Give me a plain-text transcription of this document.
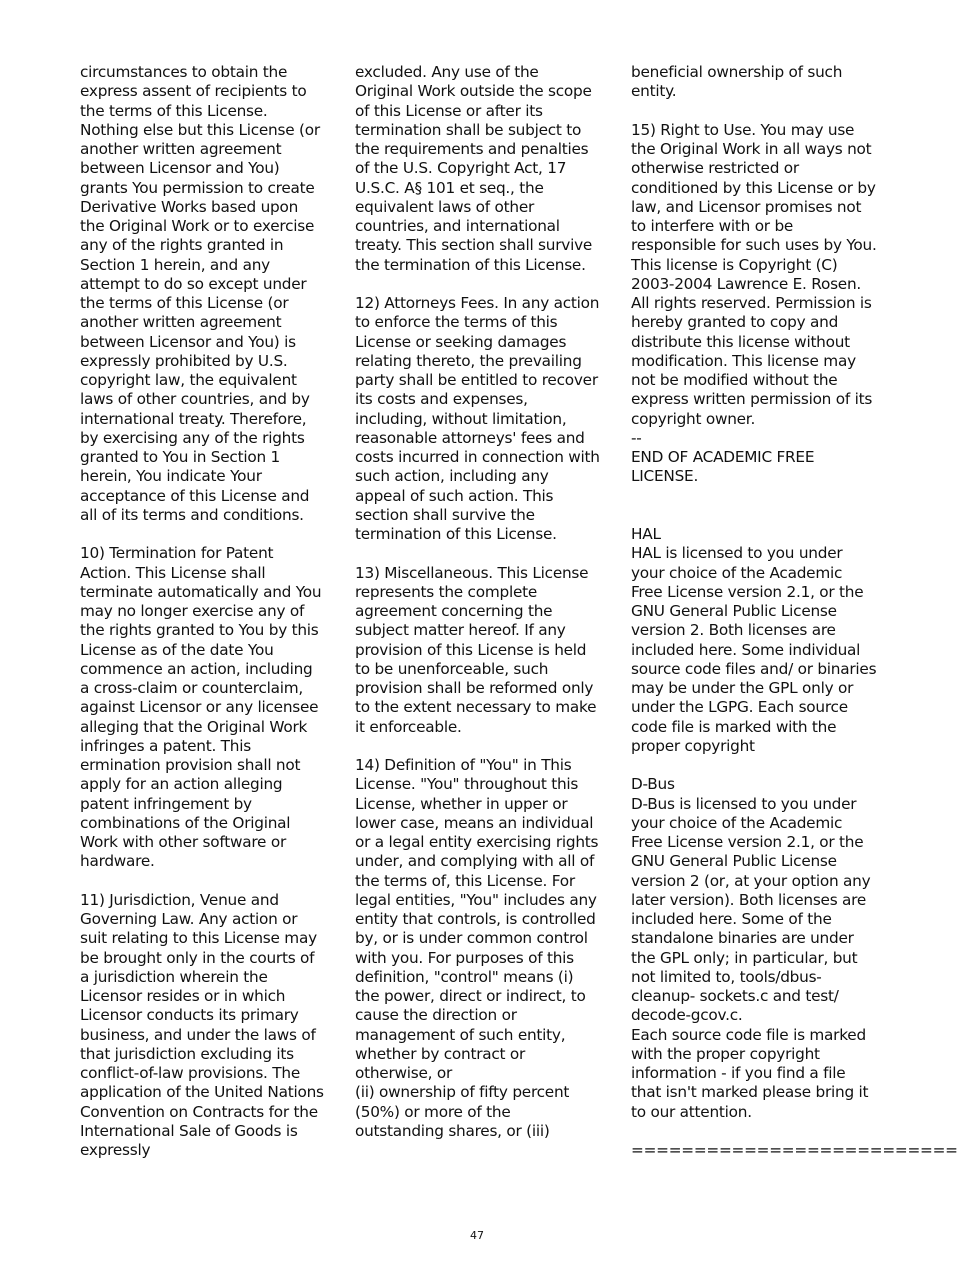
circumstances to obtain the express assent of recipients to the terms of this License. Nothing else but this License (or another written agreement between Licensor and You) grants You permission to create Derivative Works based upon the Original Work or to exercise any of the rights granted in Section 1 herein, and any attempt to do so except under the terms of this License (or another written agreement between Licensor and You) is expressly prohibited by U.S. copyright law, the equivalent laws of other countries, and by international treaty. Therefore, by exercising any of the rights granted to You in Section 1 herein, You indicate Your acceptance of this License and all of its terms and conditions.

10) Termination for Patent Action. This License shall terminate automatically and You may no longer exercise any of the rights granted to You by this License as of the date You commence an action, including a cross-claim or counterclaim, against Licensor or any licensee alleging that the Original Work infringes a patent. This ermination provision shall not apply for an action alleging patent infringement by combinations of the Original Work with other software or hardware.

11) Jurisdiction, Venue and Governing Law. Any action or suit relating to this License may be brought only in the courts of a jurisdiction wherein the Licensor resides or in which Licensor conducts its primary business, and under the laws of that jurisdiction excluding its conflict-of-law provisions. The application of the United Nations Convention on Contracts for the International Sale of Goods is expressly

excluded. Any use of the Original Work outside the scope of this License or after its termination shall be subject to the requirements and penalties of the U.S. Copyright Act, 17 U.S.C. A§ 101 et seq., the equivalent laws of other countries, and international treaty. This section shall survive the termination of this License.

12) Attorneys Fees. In any action to enforce the terms of this License or seeking damages relating thereto, the prevailing party shall be entitled to recover its costs and expenses, including, without limitation, reasonable attorneys' fees and costs incurred in connection with such action, including any appeal of such action. This section shall survive the termination of this License.

13) Miscellaneous. This License represents the complete agreement concerning the subject matter hereof. If any provision of this License is held to be unenforceable, such provision shall be reformed only to the extent necessary to make it enforceable.

14) Definition of "You" in This License. "You" throughout this License, whether in upper or lower case, means an individual or a legal entity exercising rights under, and complying with all of the terms of, this License. For legal entities, "You" includes any entity that controls, is controlled by, or is under common control with you. For purposes of this definition, "control" means (i) the power, direct or indirect, to cause the direction or management of such entity, whether by contract or otherwise, or

(ii) ownership of fifty percent (50%) or more of the outstanding shares, or (iii)

beneficial ownership of such entity.

15) Right to Use. You may use the Original Work in all ways not otherwise restricted or conditioned by this License or by law, and Licensor promises not to interfere with or be responsible for such uses by You. This license is Copyright (C) 2003-2004 Lawrence E. Rosen. All rights reserved. Permission is hereby granted to copy and distribute this license without modification. This license may not be modified without the express written permission of its copyright owner.
--
END OF ACADEMIC FREE LICENSE.
HAL
HAL is licensed to you under your choice of the Academic Free License version 2.1, or the GNU General Public License version 2. Both licenses are included here. Some individual source code files and/ or binaries may be under the GPL only or under the LGPG. Each source code file is marked with the proper copyright
D-Bus
D-Bus is licensed to you under your choice of the Academic Free License version 2.1, or the GNU General Public License version 2 (or, at your option any later version). Both licenses are included here. Some of the standalone binaries are under the GPL only; in particular, but not limited to, tools/dbus-cleanup- sockets.c and test/ decode-gcov.c.
Each source code file is marked with the proper copyright information - if you find a file that isn't marked please bring it to our attention.
==========================
47
